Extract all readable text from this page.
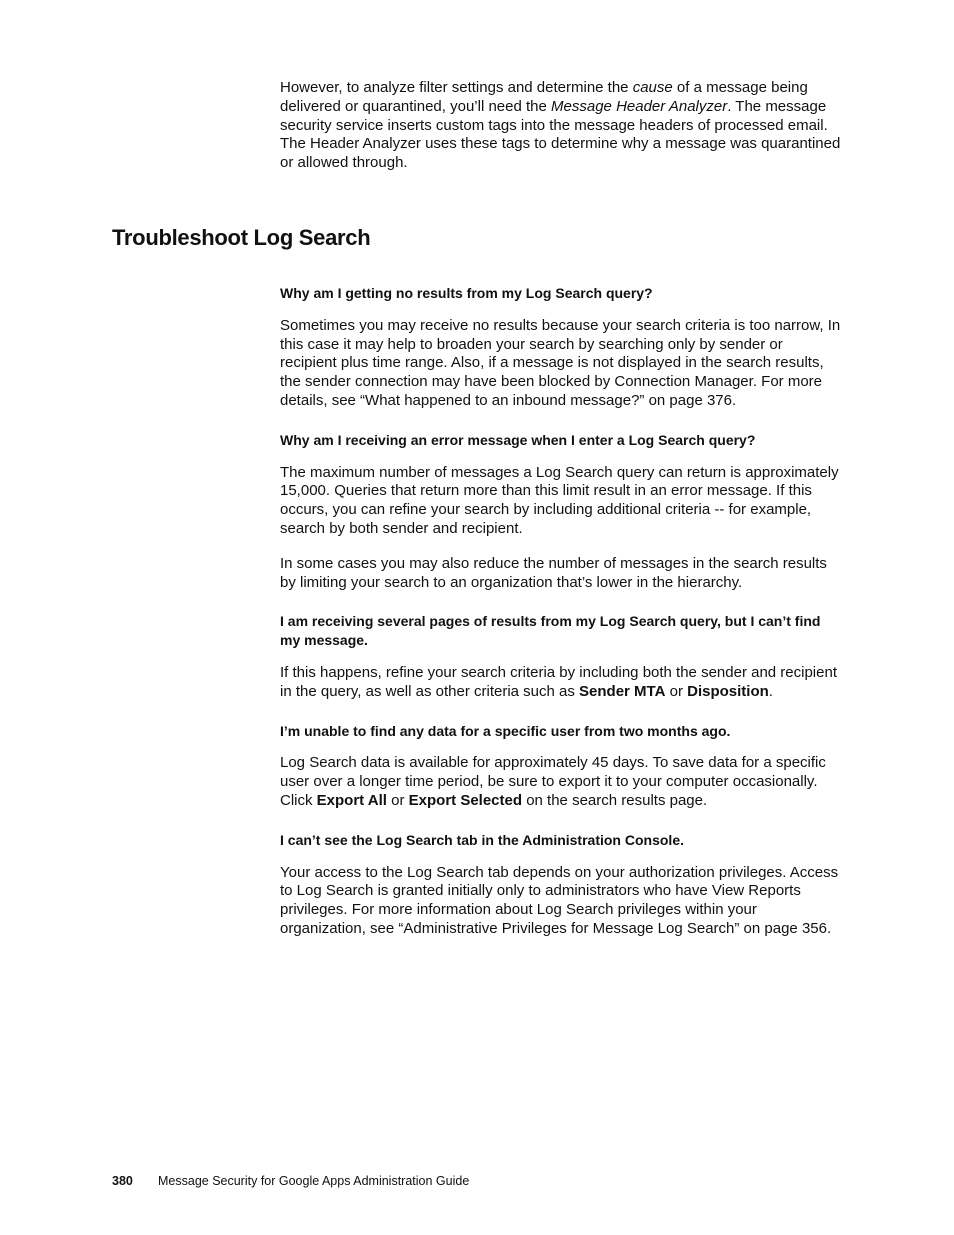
However, to analyze filter settings and determine the cause of a message being delivered or quarantined, you’ll need the Message Header Analyzer. The message security service inserts custom tags into the message headers of processed email. The Header Analyzer uses these tags to determine why a message was quarantined or allowed through.
Troubleshoot Log Search

Why am I getting no results from my Log Search query?

Sometimes you may receive no results because your search criteria is too narrow, In this case it may help to broaden your search by searching only by sender or recipient plus time range. Also, if a message is not displayed in the search results, the sender connection may have been blocked by Connection Manager. For more details, see “What happened to an inbound message?” on page 376.

Why am I receiving an error message when I enter a Log Search query?

The maximum number of messages a Log Search query can return is approximately 15,000. Queries that return more than this limit result in an error message. If this occurs, you can refine your search by including additional criteria -- for example, search by both sender and recipient.

In some cases you may also reduce the number of messages in the search results by limiting your search to an organization that’s lower in the hierarchy.

I am receiving several pages of results from my Log Search query, but I can’t find my message.

If this happens, refine your search criteria by including both the sender and recipient in the query, as well as other criteria such as Sender MTA or Disposition.

I’m unable to find any data for a specific user from two months ago.

Log Search data is available for approximately 45 days. To save data for a specific user over a longer time period, be sure to export it to your computer occasionally. Click Export All or Export Selected on the search results page.

I can’t see the Log Search tab in the Administration Console.

Your access to the Log Search tab depends on your authorization privileges. Access to Log Search is granted initially only to administrators who have View Reports privileges. For more information about Log Search privileges within your organization, see “Administrative Privileges for Message Log Search” on page 356.

380 Message Security for Google Apps Administration Guide
